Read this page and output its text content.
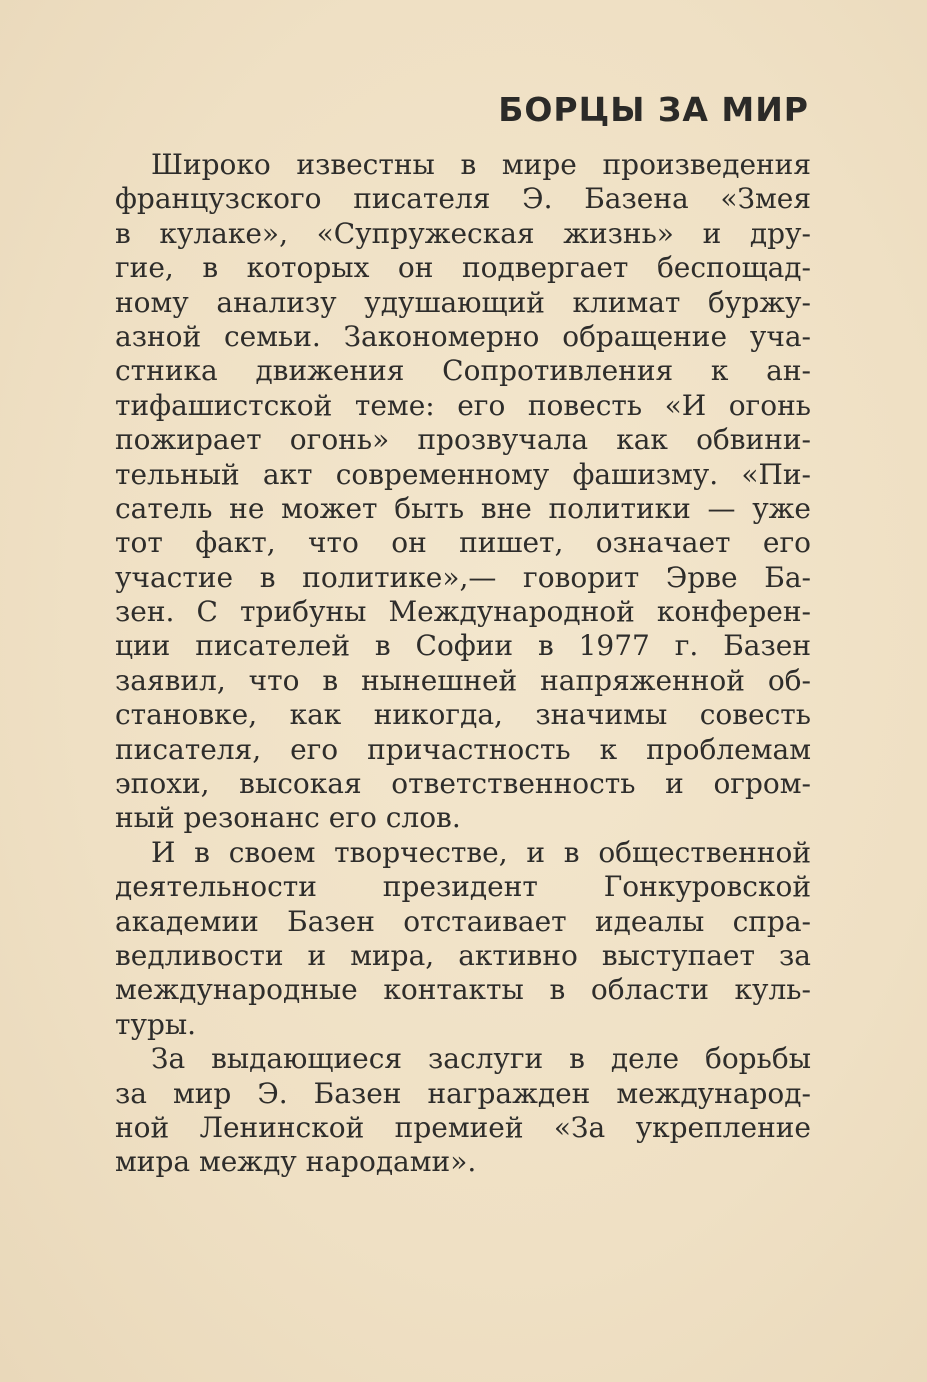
БОРЦЫ ЗА МИР
Широко известны в мире произведения
французского писателя Э. Базена «Змея
в кулаке», «Супружеская жизнь» и дру-
гие, в которых он подвергает беспощад-
ному анализу удушающий климат буржу-
азной семьи. Закономерно обращение уча-
стника движения Сопротивления к ан-
тифашистской теме: его повесть «И огонь
пожирает огонь» прозвучала как обвини-
тельный акт современному фашизму. «Пи-
сатель не может быть вне политики — уже
тот факт, что он пишет, означает его
участие в политике»,— говорит Эрве Ба-
зен. С трибуны Международной конферен-
ции писателей в Софии в 1977 г. Базен
заявил, что в нынешней напряженной об-
становке, как никогда, значимы совесть
писателя, его причастность к проблемам
эпохи, высокая ответственность и огром-
ный резонанс его слов.
И в своем творчестве, и в общественной
деятельности президент Гонкуровской
академии Базен отстаивает идеалы спра-
ведливости и мира, активно выступает за
международные контакты в области куль-
туры.
За выдающиеся заслуги в деле борьбы
за мир Э. Базен награжден международ-
ной Ленинской премией «За укрепление
мира между народами».
